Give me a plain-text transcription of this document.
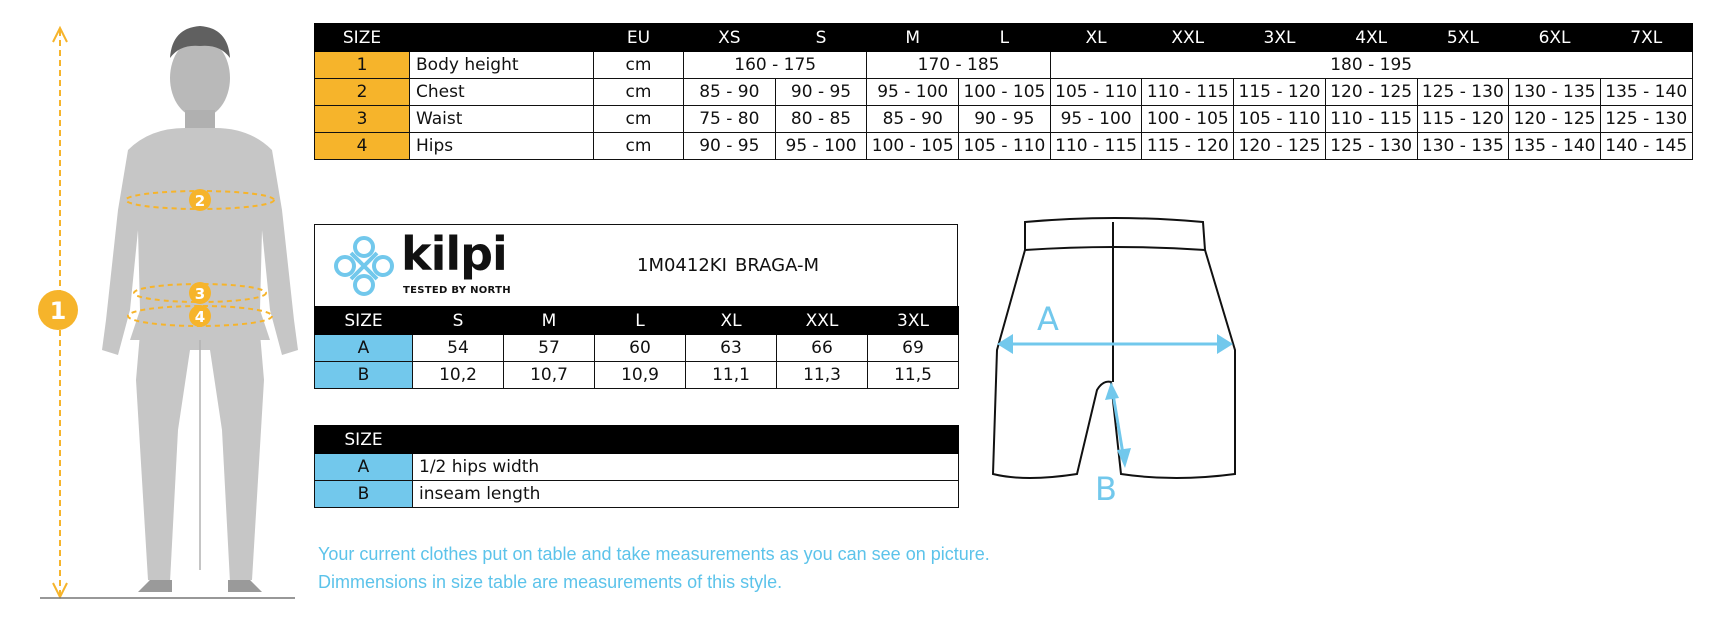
1
2
3
4
SIZE		EU	XS	S	M	L	XL	XXL	3XL	4XL	5XL	6XL	7XL
1	Body height	cm	160 - 175		170 - 185		180 - 195						
2	Chest	cm	85 - 90	90 - 95	95 - 100	100 - 105	105 - 110	110 - 115	115 - 120	120 - 125	125 - 130	130 - 135	135 - 140
3	Waist	cm	75 - 80	80 - 85	85 - 90	90 - 95	95 - 100	100 - 105	105 - 110	110 - 115	115 - 120	120 - 125	125 - 130
4	Hips	cm	90 - 95	95 - 100	100 - 105	105 - 110	110 - 115	115 - 120	120 - 125	125 - 130	130 - 135	135 - 140	140 - 145
kilpi
TESTED BY NORTH
1M0412KI BRAGA-M
SIZE	S	M	L	XL	XXL	3XL
A	54	57	60	63	66	69
B	10,2	10,7	10,9	11,1	11,3	11,5
SIZE	
A	1/2 hips width
B	inseam length
A
B
Your current clothes put on table and take measurements as you can see on picture.
Dimmensions in size table are measurements of this style.
